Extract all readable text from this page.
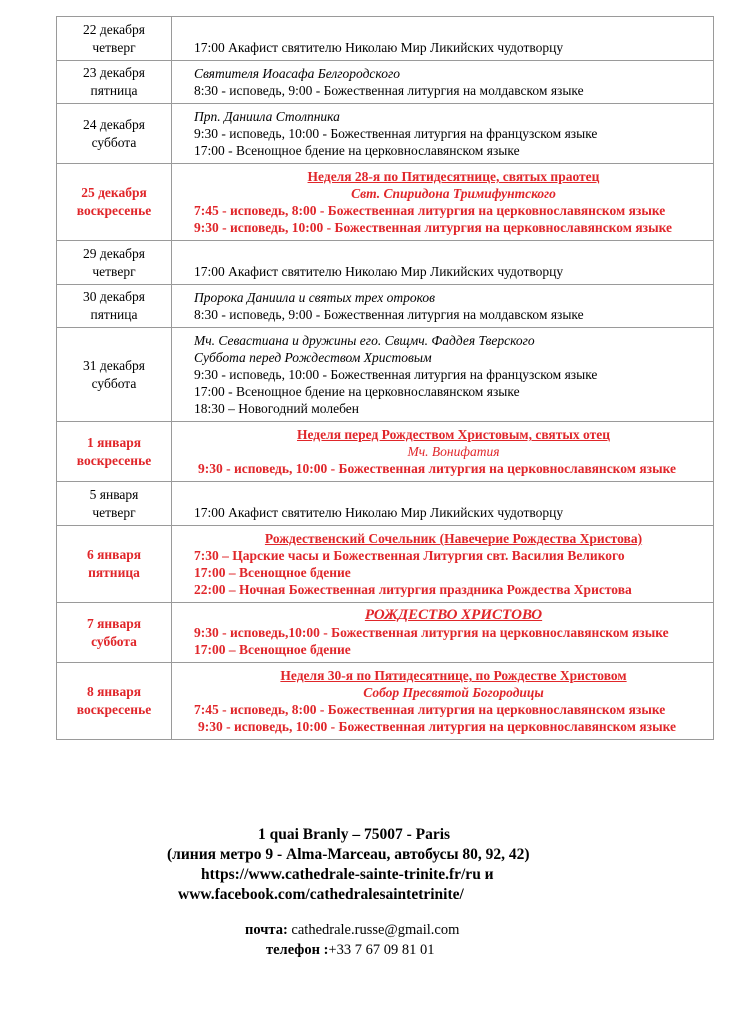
22 декабря
четверг	17:00 Акафист святителю Николаю Мир Ликийских чудотворцу

23 декабря
пятница	Святителя Иоасафа Белгородского
8:30 - исповедь, 9:00 - Божественная литургия на молдавском языке

24 декабря
суббота	Прп. Даниила Столпника
9:30 - исповедь, 10:00 - Божественная литургия на французском языке
17:00 - Всенощное бдение на церковнославянском языке

25 декабря
воскресенье	Неделя 28-я по Пятидесятнице, святых праотец
Свт. Спиридона Тримифунтского
7:45 - исповедь, 8:00 - Божественная литургия на церковнославянском языке
9:30 - исповедь, 10:00 - Божественная литургия на церковнославянском языке

29 декабря
четверг	17:00 Акафист святителю Николаю Мир Ликийских чудотворцу

30 декабря
пятница	Пророка Даниила и святых трех отроков
8:30 - исповедь, 9:00 - Божественная литургия на молдавском языке

31 декабря
суббота	Мч. Севастиана и дружины его. Свщмч. Фаддея Тверского
Суббота перед Рождеством Христовым
9:30 - исповедь, 10:00 - Божественная литургия на французском языке
17:00 - Всенощное бдение на церковнославянском языке
18:30 – Новогодний молебен

1 января
воскресенье	Неделя перед Рождеством Христовым, святых отец
Мч. Вонифатия
9:30 - исповедь, 10:00 - Божественная литургия на церковнославянском языке

5 января
четверг	17:00 Акафист святителю Николаю Мир Ликийских чудотворцу

6 января
пятница	Рождественский Сочельник (Навечерие Рождества Христова)
7:30 – Царские часы и Божественная Литургия свт. Василия Великого
17:00 – Всенощное бдение
22:00 – Ночная Божественная литургия праздника Рождества Христова

7 января
суббота	РОЖДЕСТВО ХРИСТОВО
9:30 - исповедь,10:00 - Божественная литургия на церковнославянском языке
17:00 – Всенощное бдение

8 января
воскресенье	Неделя 30-я по Пятидесятнице, по Рождестве Христовом
Собор Пресвятой Богородицы
7:45 - исповедь, 8:00 - Божественная литургия на церковнославянском языке
9:30 - исповедь, 10:00 - Божественная литургия на церковнославянском языке
1 quai Branly – 75007 - Paris
(линия метро 9 - Alma-Marceau, автобусы 80, 92, 42)
https://www.cathedrale-sainte-trinite.fr/ru и
www.facebook.com/cathedralesaintetrinite/
почта: cathedrale.russe@gmail.com
телефон :+33 7 67 09 81 01
